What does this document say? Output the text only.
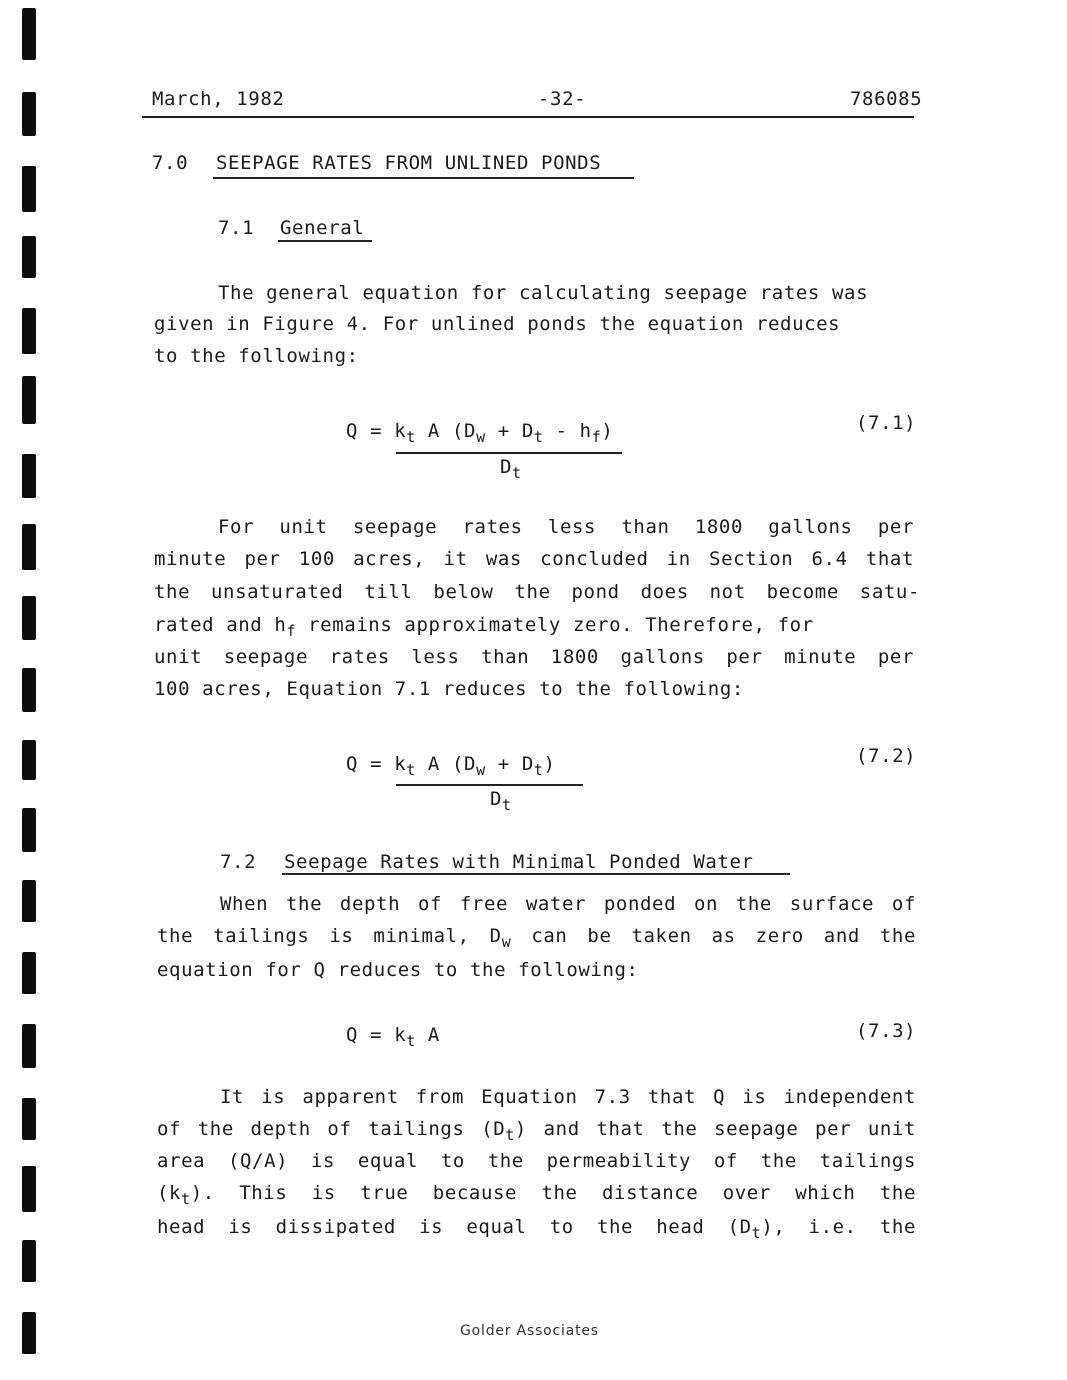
March, 1982	-32-	786085
7.0 SEEPAGE RATES FROM UNLINED PONDS
7.1 General
The general equation for calculating seepage rates was
given in Figure 4. For unlined ponds the equation reduces
to the following:
$Q = k_t$ A $(D_w + D_t - h_f)$
$D_t$
(7.1)
For unit seepage rates less than 1800 gallons per
minute per 100 acres, it was concluded in Section 6.4 that
the unsaturated till below the pond does not become satu-
rated and $h_f$ remains approximately zero. Therefore, for
unit seepage rates less than 1800 gallons per minute per
100 acres, Equation 7.1 reduces to the following:
$Q = k_t$ A $(D_w + D_t)$
$D_t$
(7.2)
7.2 Seepage Rates with Minimal Ponded Water
When the depth of free water ponded on the surface of
the tailings is minimal, $D_w$ can be taken as zero and the
equation for Q reduces to the following:
$Q = k_t$ A	(7.3)
It is apparent from Equation 7.3 that Q is independent
of the depth of tailings $(D_t)$ and that the seepage per unit
area (Q/A) is equal to the permeability of the tailings
$(k_t)$. This is true because the distance over which the
head is dissipated is equal to the head $(D_t)$, i.e. the
Golder Associates
